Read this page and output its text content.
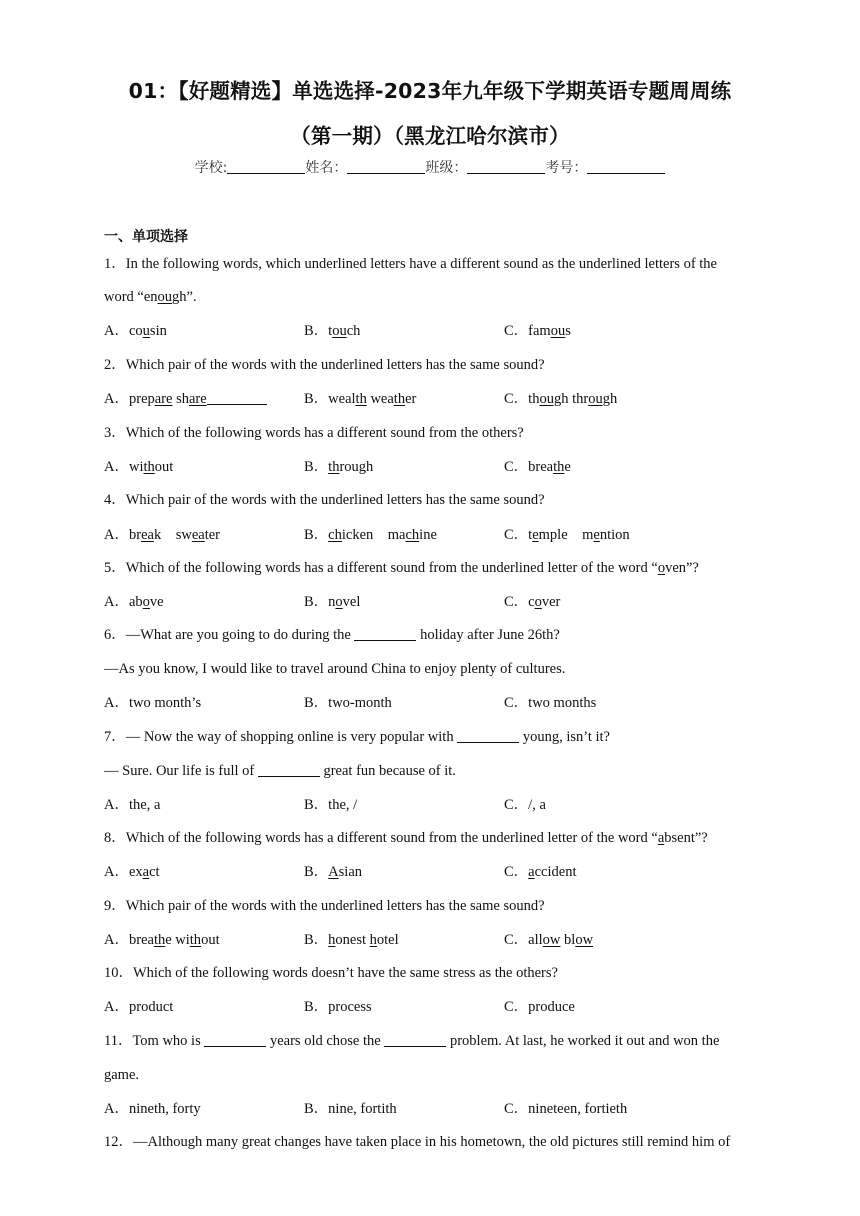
01：【好题精选】单选选择-2023年九年级下学期英语专题周周练
（第一期）（黑龙江哈尔滨市）
学校:	姓名：	班级：	考号：
一、单项选择
1．In the following words, which underlined letters have a different sound as the underlined letters of the
word “enough”.
A．cousin	B．touch	C．famous
2．Which pair of the words with the underlined letters has the same sound?
A．prepare share	B．wealth weather	C．though through
3．Which of the following words has a different sound from the others?
A．without	B．through	C．breathe
4．Which pair of the words with the underlined letters has the same sound?
A．break　sweater	B．chicken　machine	C．temple　mention
5．Which of the following words has a different sound from the underlined letter of the word “oven”?
A．above	B．novel	C．cover
6．—What are you going to do during the	holiday after June 26th?
—As you know, I would like to travel around China to enjoy plenty of cultures.
A．two month’s	B．two-month	C．two months
7．— Now the way of shopping online is very popular with	young, isn’t it?
— Sure. Our life is full of	great fun because of it.
A．the, a	B．the, /	C．/, a
8．Which of the following words has a different sound from the underlined letter of the word “absent”?
A．exact	B．Asian	C．accident
9．Which pair of the words with the underlined letters has the same sound?
A．breathe without	B．honest hotel	C．allow blow
10．Which of the following words doesn’t have the same stress as the others?
A．product	B．process	C．produce
11．Tom who is	years old chose the	problem. At last, he worked it out and won the
game.
A．nineth, forty	B．nine, fortith	C．nineteen, fortieth
12．—Although many great changes have taken place in his hometown, the old pictures still remind him of
